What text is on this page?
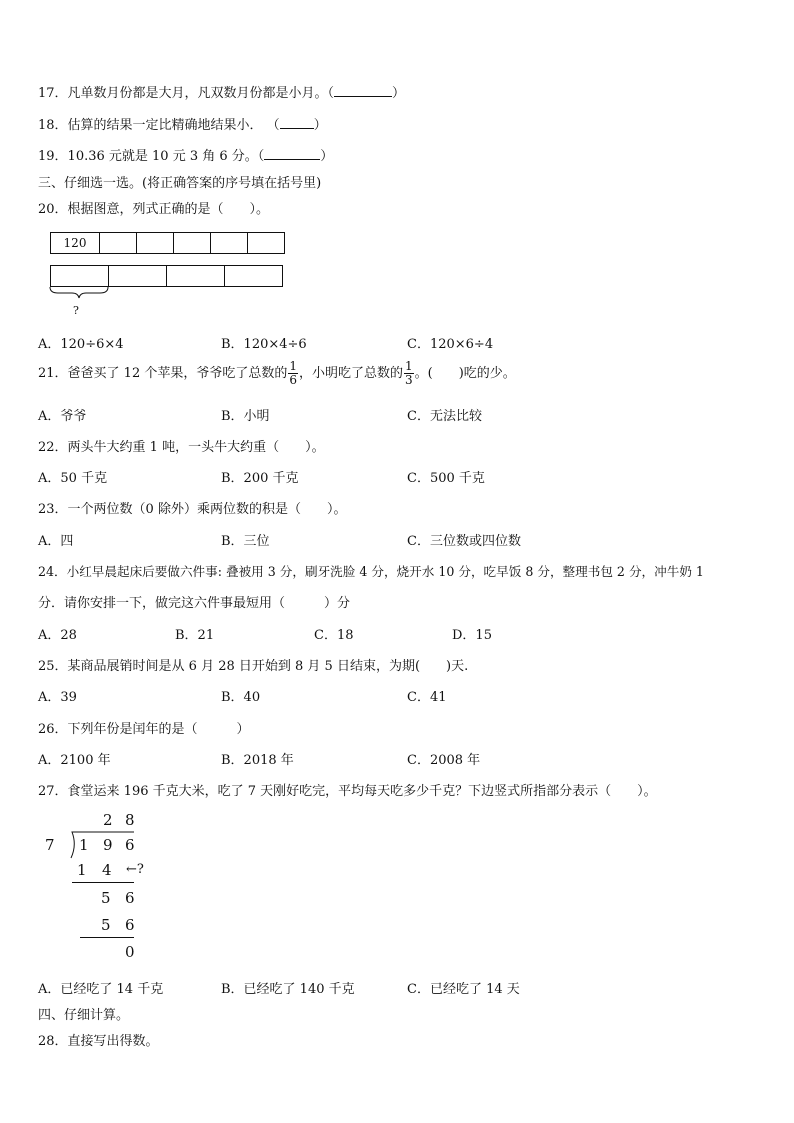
17．凡单数月份都是大月，凡双数月份都是小月。（	）
18．估算的结果一定比精确地结果小． （	）
19．10.36 元就是 10 元 3 角 6 分。（	）
三、仔细选一选。(将正确答案的序号填在括号里)
20．根据图意，列式正确的是（　　）。
120
?
A．120÷6×4	B．120×4÷6	C．120×6÷4
21．爸爸买了 12 个苹果，爷爷吃了总数的 $\frac{1}{6}$ ，小明吃了总数的 $\frac{1}{3}$ 。(　　)吃的少。
A．爷爷	B．小明	C．无法比较
22．两头牛大约重 1 吨，一头牛大约重（　　）。
A．50 千克	B．200 千克	C．500 千克
23．一个两位数（0 除外）乘两位数的积是（　　）。
A．四	B．三位	C．三位数或四位数
24．小红早晨起床后要做六件事: 叠被用 3 分，刷牙洗脸 4 分，烧开水 10 分，吃早饭 8 分，整理书包 2 分，冲牛奶 1
分．请你安排一下，做完这六件事最短用（　　　）分
A．28	B．21	C．18	D．15
25．某商品展销时间是从 6 月 28 日开始到 8 月 5 日结束，为期(　　)天.
A．39	B．40	C．41
26．下列年份是闰年的是（　　　）
A．2100 年	B．2018 年	C．2008 年
27．食堂运来 196 千克大米，吃了 7 天刚好吃完，平均每天吃多少千克？下边竖式所指部分表示（　　）。
2 8
7 1 9 6
1 4 ←?
5 6
5 6
0
A．已经吃了 14 千克	B．已经吃了 140 千克	C．已经吃了 14 天
四、仔细计算。
28．直接写出得数。
